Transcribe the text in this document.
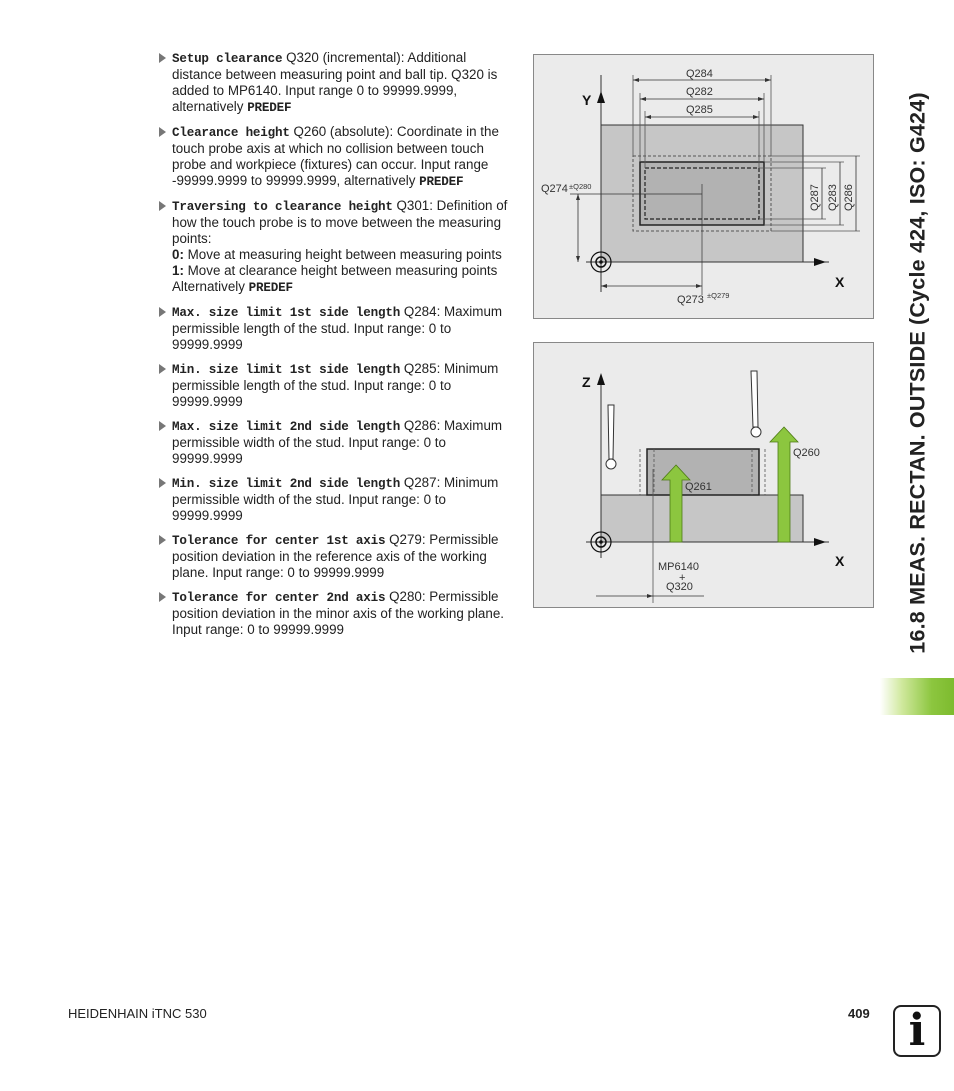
Setup clearance Q320 (incremental): Additional distance between measuring point and ball tip. Q320 is added to MP6140. Input range 0 to 99999.9999, alternatively PREDEF
Clearance height Q260 (absolute): Coordinate in the touch probe axis at which no collision between touch probe and workpiece (fixtures) can occur. Input range -99999.9999 to 99999.9999, alternatively PREDEF
Traversing to clearance height Q301: Definition of how the touch probe is to move between the measuring points:
0: Move at measuring height between measuring points
1: Move at clearance height between measuring points
Alternatively PREDEF
Max. size limit 1st side length Q284: Maximum permissible length of the stud. Input range: 0 to 99999.9999
Min. size limit 1st side length Q285: Minimum permissible length of the stud. Input range: 0 to 99999.9999
Max. size limit 2nd side length Q286: Maximum permissible width of the stud. Input range: 0 to 99999.9999
Min. size limit 2nd side length Q287: Minimum permissible width of the stud. Input range: 0 to 99999.9999
Tolerance for center 1st axis Q279: Permissible position deviation in the reference axis of the working plane. Input range: 0 to 99999.9999
Tolerance for center 2nd axis Q280: Permissible position deviation in the minor axis of the working plane. Input range: 0 to 99999.9999
Q284
Q282
Q285
Q287 Q283 Q286
Q274 ±Q280
Q273 ±Q279
Y
X
Q261
Q260
MP6140
+
Q320
Z
X	16.8 MEAS. RECTAN. OUTSIDE (Cycle 424, ISO: G424)
HEIDENHAIN iTNC 530	409 i
